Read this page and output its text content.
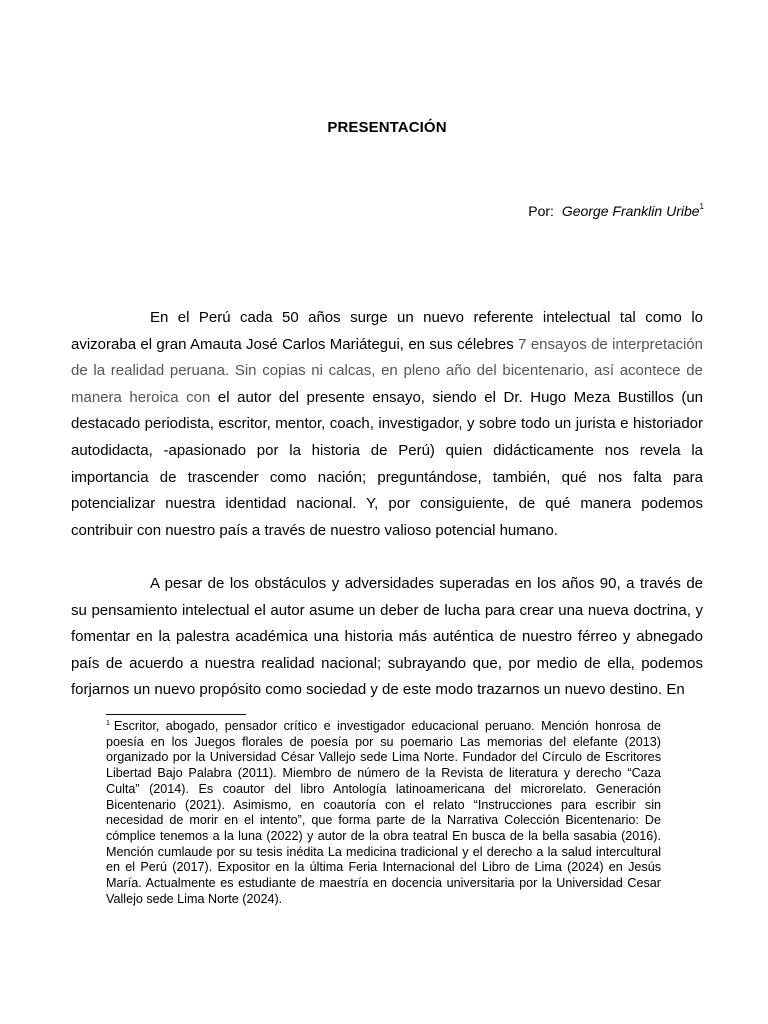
PRESENTACIÓN
Por: George Franklin Uribe$^1$

En el Perú cada 50 años surge un nuevo referente intelectual tal como lo avizoraba el gran Amauta José Carlos Mariátegui, en sus célebres 7 ensayos de interpretación de la realidad peruana. Sin copias ni calcas, en pleno año del bicentenario, así acontece de manera heroica con el autor del presente ensayo, siendo el Dr. Hugo Meza Bustillos (un destacado periodista, escritor, mentor, coach, investigador, y sobre todo un jurista e historiador autodidacta, -apasionado por la historia de Perú) quien didácticamente nos revela la importancia de trascender como nación; preguntándose, también, qué nos falta para potencializar nuestra identidad nacional. Y, por consiguiente, de qué manera podemos contribuir con nuestro país a través de nuestro valioso potencial humano.

A pesar de los obstáculos y adversidades superadas en los años 90, a través de su pensamiento intelectual el autor asume un deber de lucha para crear una nueva doctrina, y fomentar en la palestra académica una historia más auténtica de nuestro férreo y abnegado país de acuerdo a nuestra realidad nacional; subrayando que, por medio de ella, podemos forjarnos un nuevo propósito como sociedad y de este modo trazarnos un nuevo destino. En

$^1$ Escritor, abogado, pensador crítico e investigador educacional peruano. Mención honrosa de poesía en los Juegos florales de poesía por su poemario Las memorias del elefante (2013) organizado por la Universidad César Vallejo sede Lima Norte. Fundador del Círculo de Escritores Libertad Bajo Palabra (2011). Miembro de número de la Revista de literatura y derecho “Caza Culta” (2014). Es coautor del libro Antología latinoamericana del microrelato. Generación Bicentenario (2021). Asimismo, en coautoría con el relato “Instrucciones para escribir sin necesidad de morir en el intento”, que forma parte de la Narrativa Colección Bicentenario: De cómplice tenemos a la luna (2022) y autor de la obra teatral En busca de la bella sasabia (2016). Mención cumlaude por su tesis inédita La medicina tradicional y el derecho a la salud intercultural en el Perú (2017). Expositor en la última Feria Internacional del Libro de Lima (2024) en Jesús María. Actualmente es estudiante de maestría en docencia universitaria por la Universidad Cesar Vallejo sede Lima Norte (2024).
